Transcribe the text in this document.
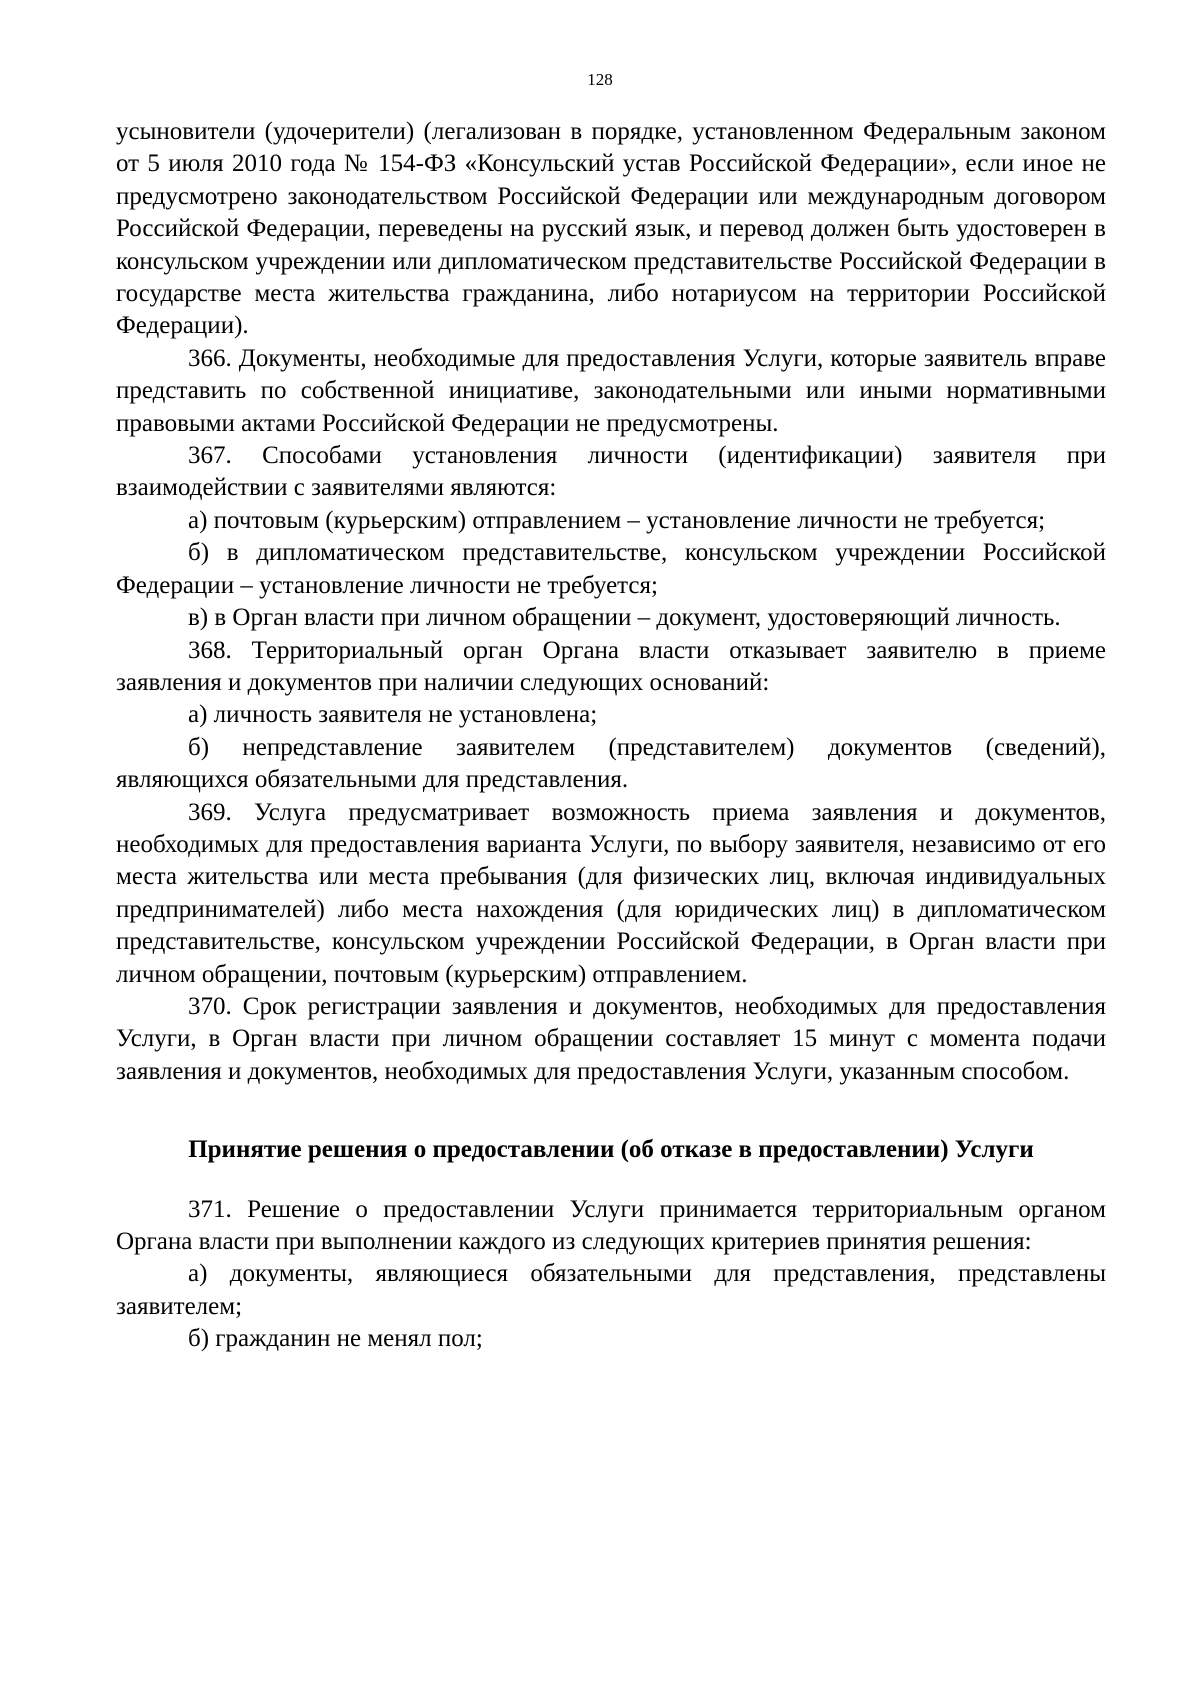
128

усыновители (удочерители) (легализован в порядке, установленном Федеральным законом от 5 июля 2010 года № 154-ФЗ «Консульский устав Российской Федерации», если иное не предусмотрено законодательством Российской Федерации или международным договором Российской Федерации, переведены на русский язык, и перевод должен быть удостоверен в консульском учреждении или дипломатическом представительстве Российской Федерации в государстве места жительства гражданина, либо нотариусом на территории Российской Федерации).

366. Документы, необходимые для предоставления Услуги, которые заявитель вправе представить по собственной инициативе, законодательными или иными нормативными правовыми актами Российской Федерации не предусмотрены.

367. Способами установления личности (идентификации) заявителя при взаимодействии с заявителями являются:

а) почтовым (курьерским) отправлением – установление личности не требуется;

б) в дипломатическом представительстве, консульском учреждении Российской Федерации – установление личности не требуется;

в) в Орган власти при личном обращении – документ, удостоверяющий личность.

368. Территориальный орган Органа власти отказывает заявителю в приеме заявления и документов при наличии следующих оснований:

а) личность заявителя не установлена;

б) непредставление заявителем (представителем) документов (сведений), являющихся обязательными для представления.

369. Услуга предусматривает возможность приема заявления и документов, необходимых для предоставления варианта Услуги, по выбору заявителя, независимо от его места жительства или места пребывания (для физических лиц, включая индивидуальных предпринимателей) либо места нахождения (для юридических лиц) в дипломатическом представительстве, консульском учреждении Российской Федерации, в Орган власти при личном обращении, почтовым (курьерским) отправлением.

370. Срок регистрации заявления и документов, необходимых для предоставления Услуги, в Орган власти при личном обращении составляет 15 минут с момента подачи заявления и документов, необходимых для предоставления Услуги, указанным способом.

Принятие решения о предоставлении (об отказе в предоставлении) Услуги

371. Решение о предоставлении Услуги принимается территориальным органом Органа власти при выполнении каждого из следующих критериев принятия решения:

а) документы, являющиеся обязательными для представления, представлены заявителем;

б) гражданин не менял пол;
